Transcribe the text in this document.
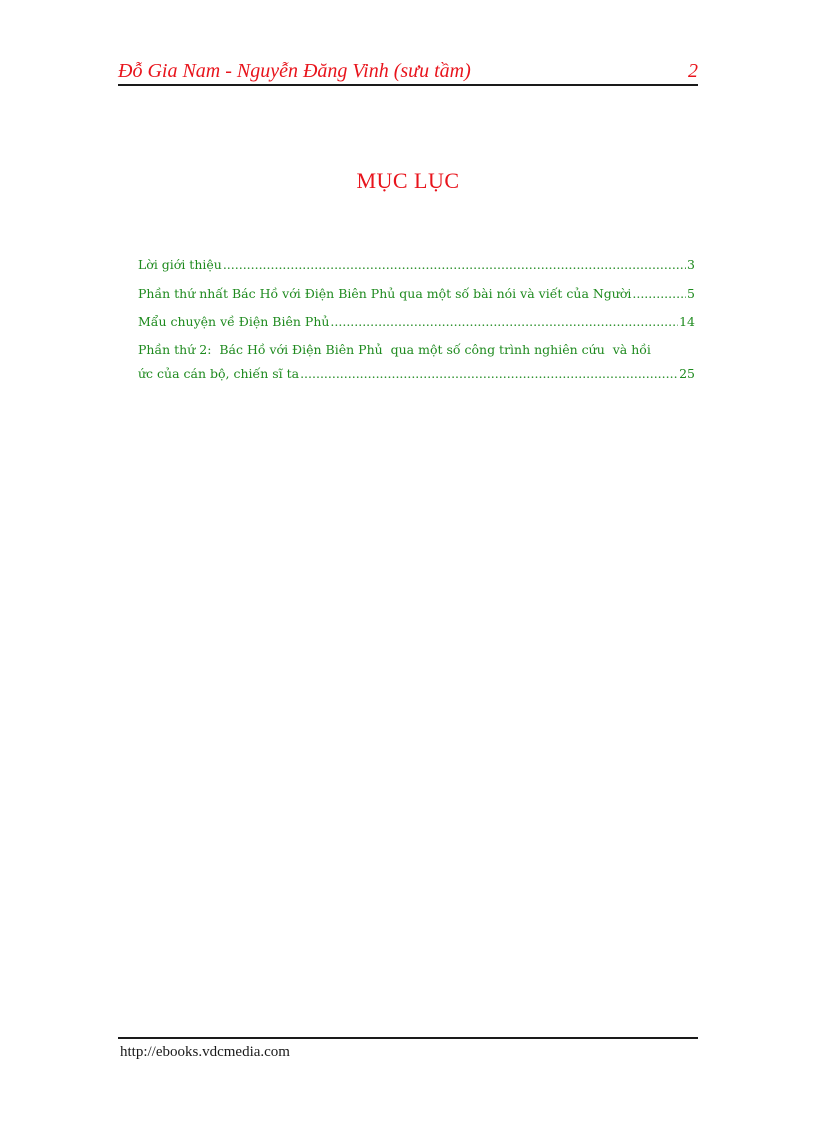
Đỗ Gia Nam - Nguyễn Đăng Vinh (sưu tầm)	2
MỤC LỤC
Lời giới thiệu .....	3
Phần thứ nhất Bác Hồ với Điện Biên Phủ qua một số bài nói và viết của Người .....	5
Mẩu chuyện về Điện Biên Phủ .....	14
Phần thứ 2:  Bác Hồ với Điện Biên Phủ  qua một số công trình nghiên cứu  và hồi
ức của cán bộ, chiến sĩ ta .....	25
http://ebooks.vdcmedia.com
